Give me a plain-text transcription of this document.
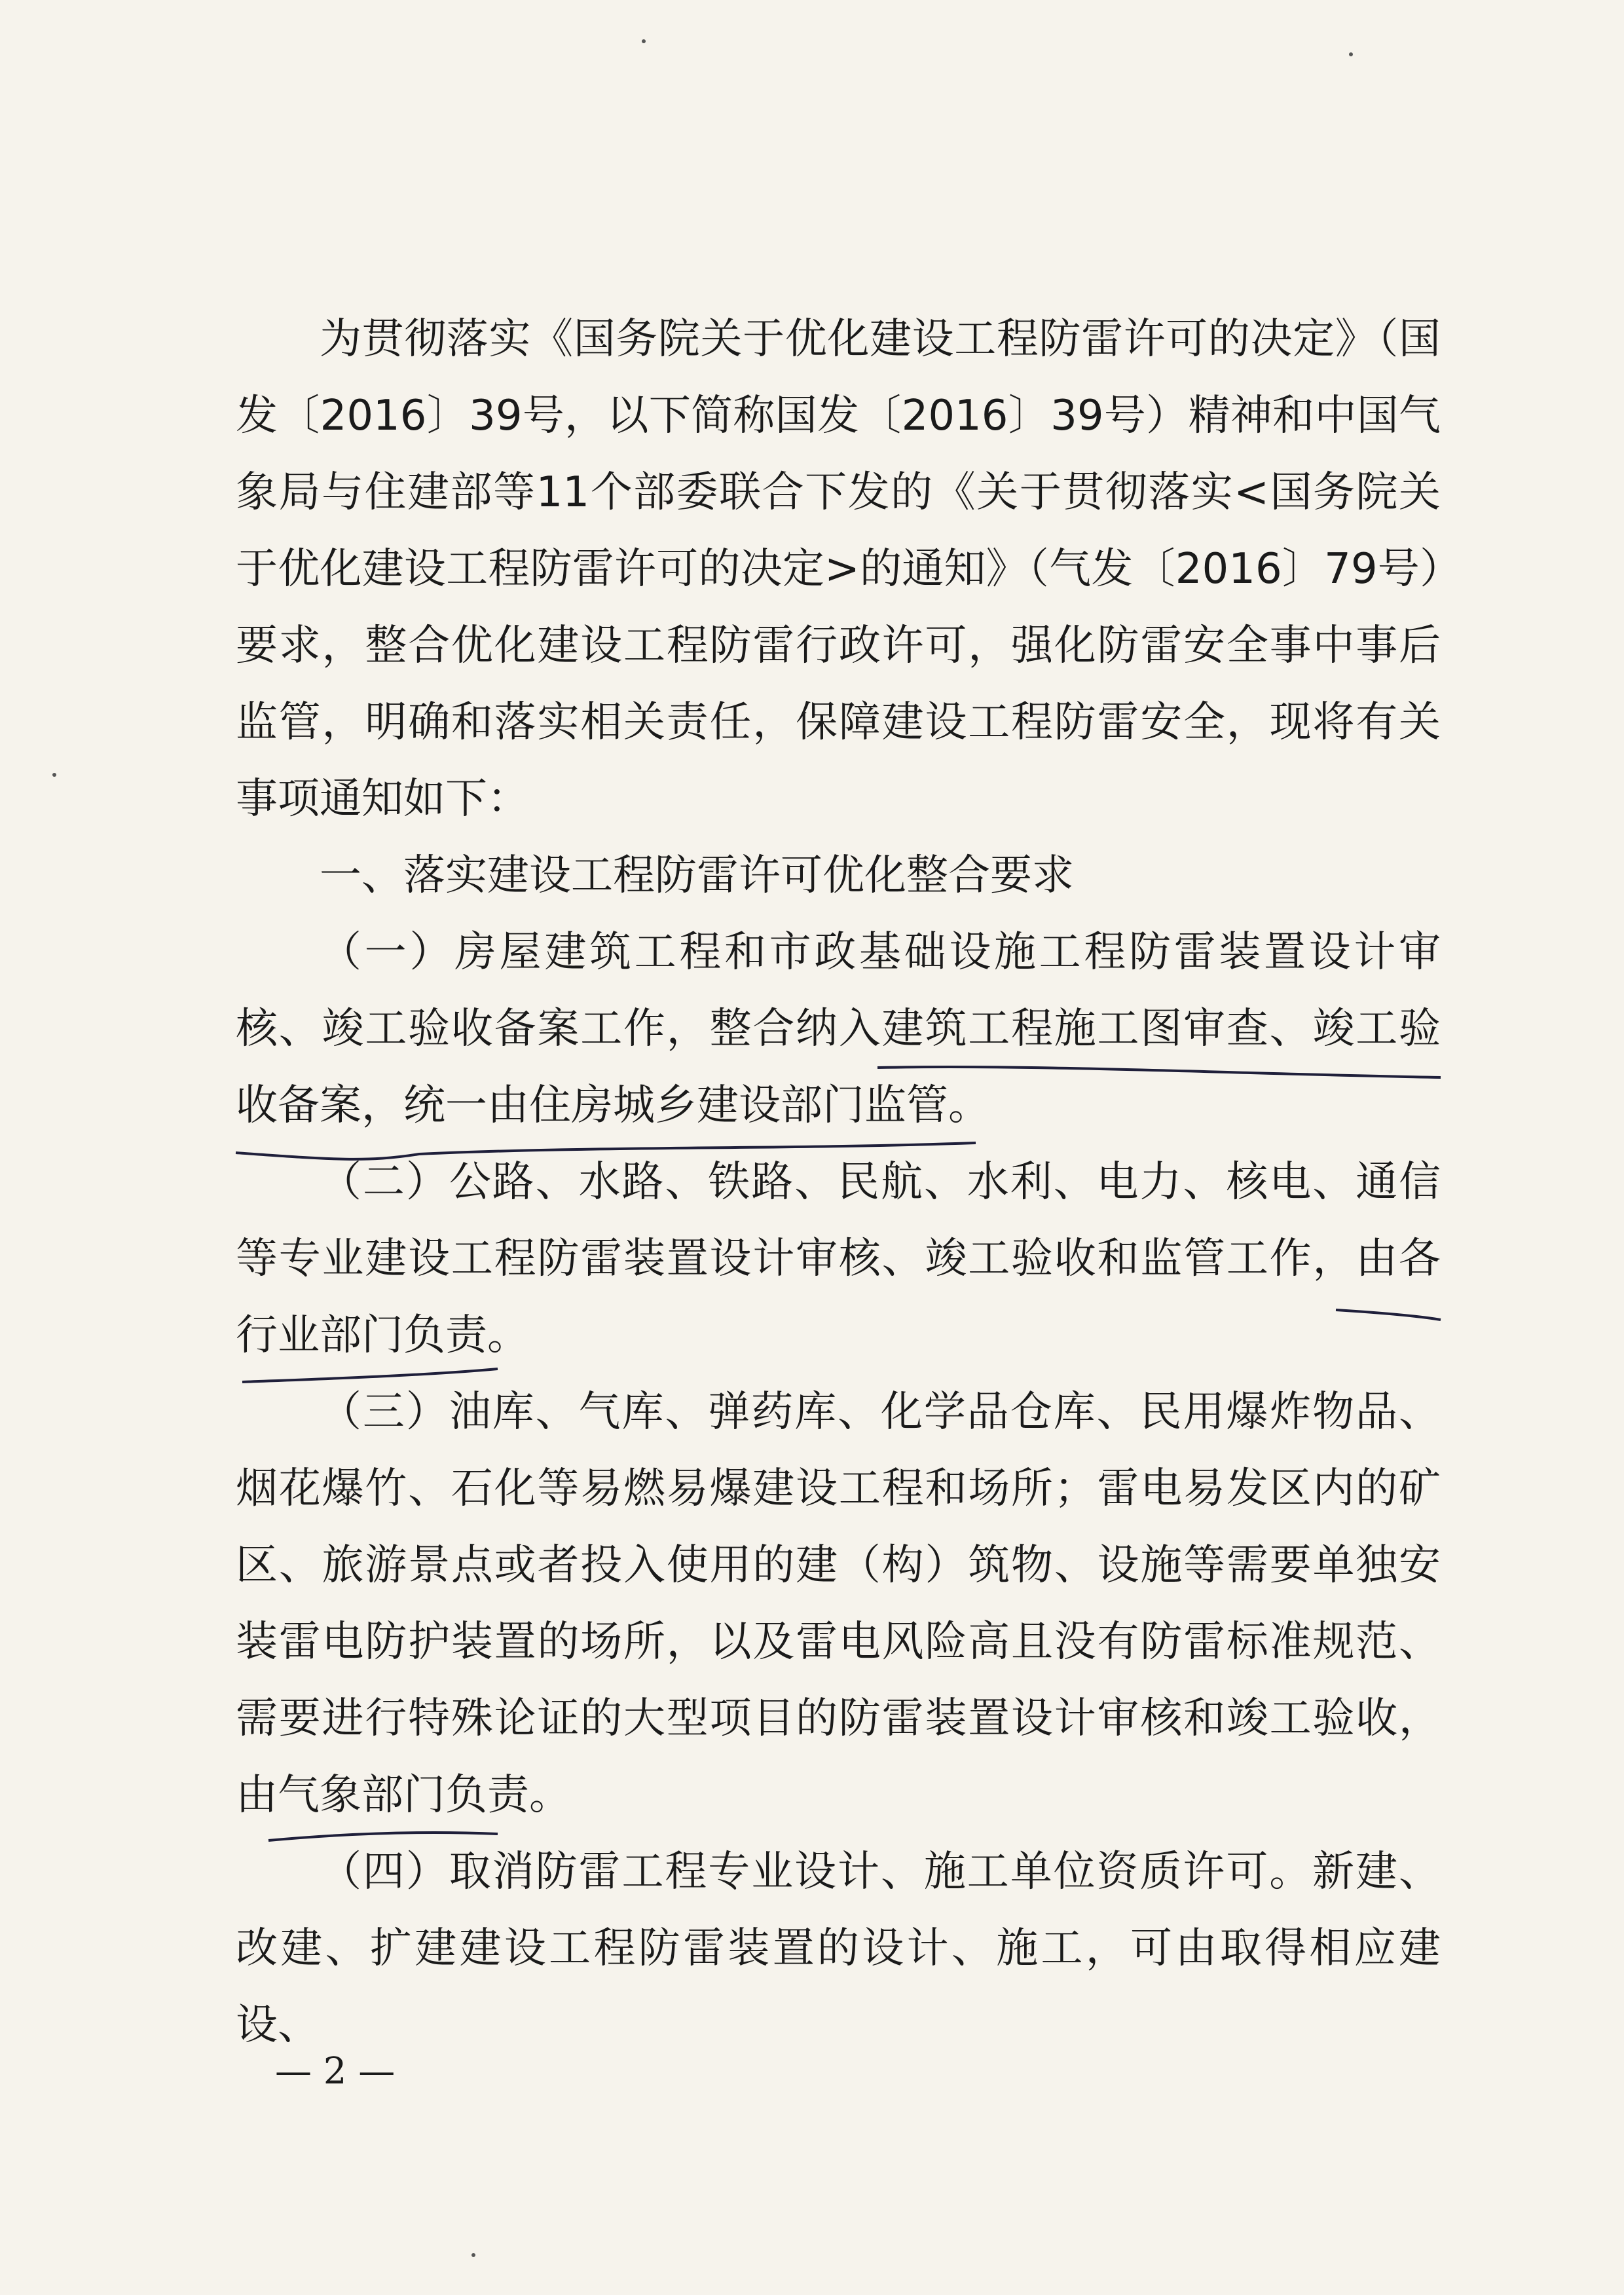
为贯彻落实《国务院关于优化建设工程防雷许可的决定》（国发〔2016〕39号，以下简称国发〔2016〕39号）精神和中国气象局与住建部等11个部委联合下发的《关于贯彻落实<国务院关于优化建设工程防雷许可的决定>的通知》（气发〔2016〕79号）要求，整合优化建设工程防雷行政许可，强化防雷安全事中事后监管，明确和落实相关责任，保障建设工程防雷安全，现将有关事项通知如下：

一、落实建设工程防雷许可优化整合要求

（一）房屋建筑工程和市政基础设施工程防雷装置设计审核、竣工验收备案工作，整合纳入建筑工程施工图审查、竣工验收备案，统一由住房城乡建设部门监管。

（二）公路、水路、铁路、民航、水利、电力、核电、通信等专业建设工程防雷装置设计审核、竣工验收和监管工作，由各行业部门负责。

（三）油库、气库、弹药库、化学品仓库、民用爆炸物品、烟花爆竹、石化等易燃易爆建设工程和场所；雷电易发区内的矿区、旅游景点或者投入使用的建（构）筑物、设施等需要单独安装雷电防护装置的场所，以及雷电风险高且没有防雷标准规范、需要进行特殊论证的大型项目的防雷装置设计审核和竣工验收，由气象部门负责。

（四）取消防雷工程专业设计、施工单位资质许可。新建、改建、扩建建设工程防雷装置的设计、施工，可由取得相应建设、

— 2 —
